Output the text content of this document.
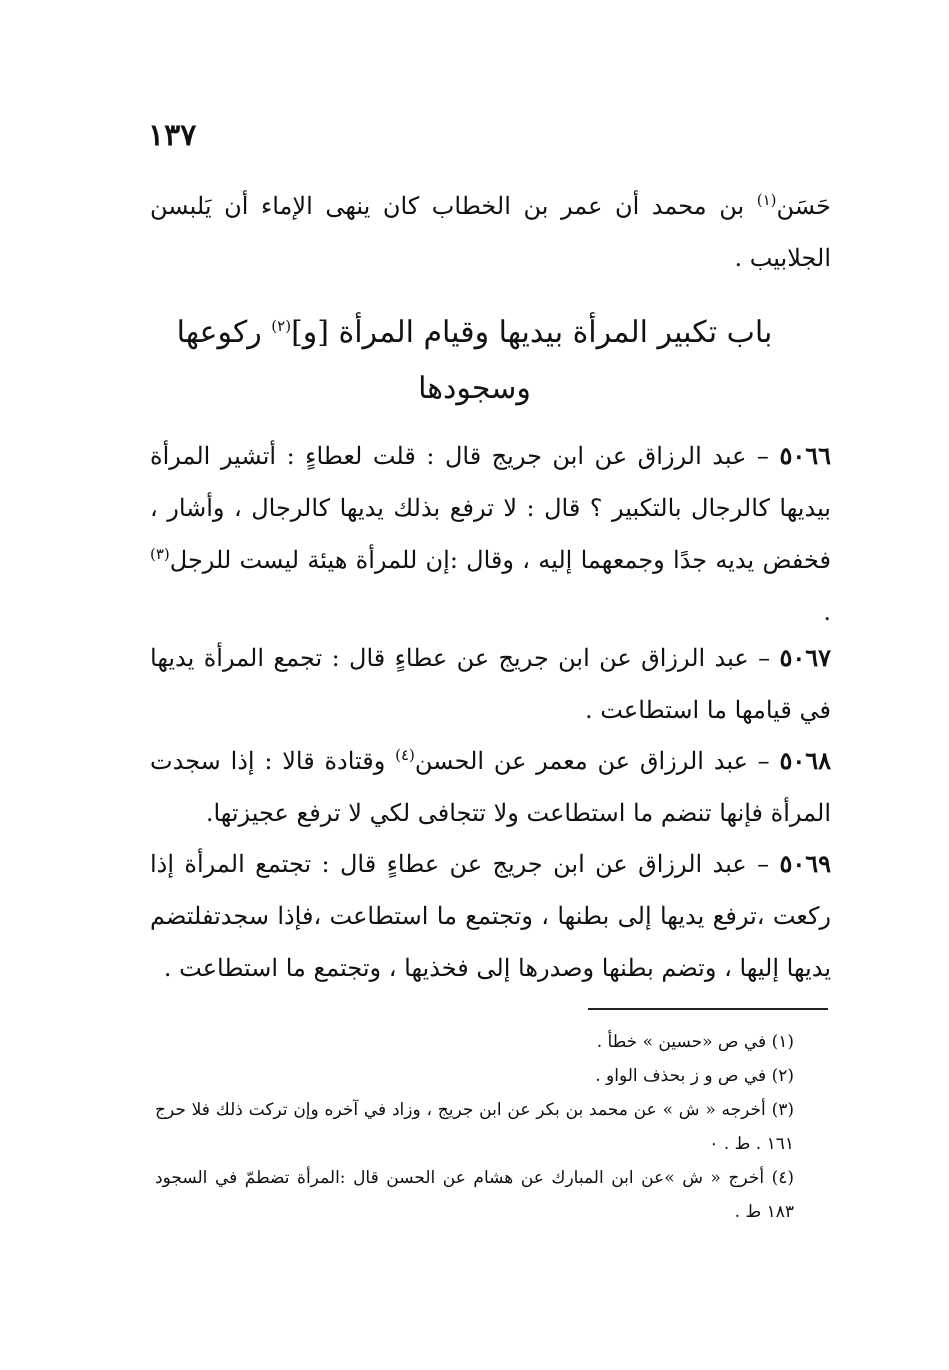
١٣٧
حَسَن$^{(١)}$ بن محمد أن عمر بن الخطاب كان ينهى الإماء أن يَلبسن الجلابيب .
باب تكبير المرأة بيديها وقيام المرأة [و]$^{(٢)}$ ركوعها
وسجودها
٥٠٦٦ – عبد الرزاق عن ابن جريج قال : قلت لعطاءٍ : أتشير المرأة بيديها كالرجال بالتكبير ؟ قال : لا ترفع بذلك يديها كالرجال ، وأشار ، فخفض يديه جدًا وجمعهما إليه ، وقال :إن للمرأة هيئة ليست للرجل$^{(٣)}$ .
٥٠٦٧ – عبد الرزاق عن ابن جريج عن عطاءٍ قال : تجمع المرأة يديها في قيامها ما استطاعت .
٥٠٦٨ – عبد الرزاق عن معمر عن الحسن$^{(٤)}$ وقتادة قالا : إذا سجدت المرأة فإنها تنضم ما استطاعت ولا تتجافى لكي لا ترفع عجيزتها.
٥٠٦٩ – عبد الرزاق عن ابن جريج عن عطاءٍ قال : تجتمع المرأة إذا ركعت ،ترفع يديها إلى بطنها ، وتجتمع ما استطاعت ،فإذا سجدتفلتضم يديها إليها ، وتضم بطنها وصدرها إلى فخذيها ، وتجتمع ما استطاعت .
(١) في ص «حسين » خطأ .
(٢) في ص و ز بحذف الواو .
(٣) أخرجه « ش » عن محمد بن بكر عن ابن جريج ، وزاد في آخره وإن تركت ذلك فلا حرج ١٦١ . ط . ٠
(٤) أخرج « ش »عن ابن المبارك عن هشام عن الحسن قال :المرأة تضطمّ في السجود ١٨٣ ط .
